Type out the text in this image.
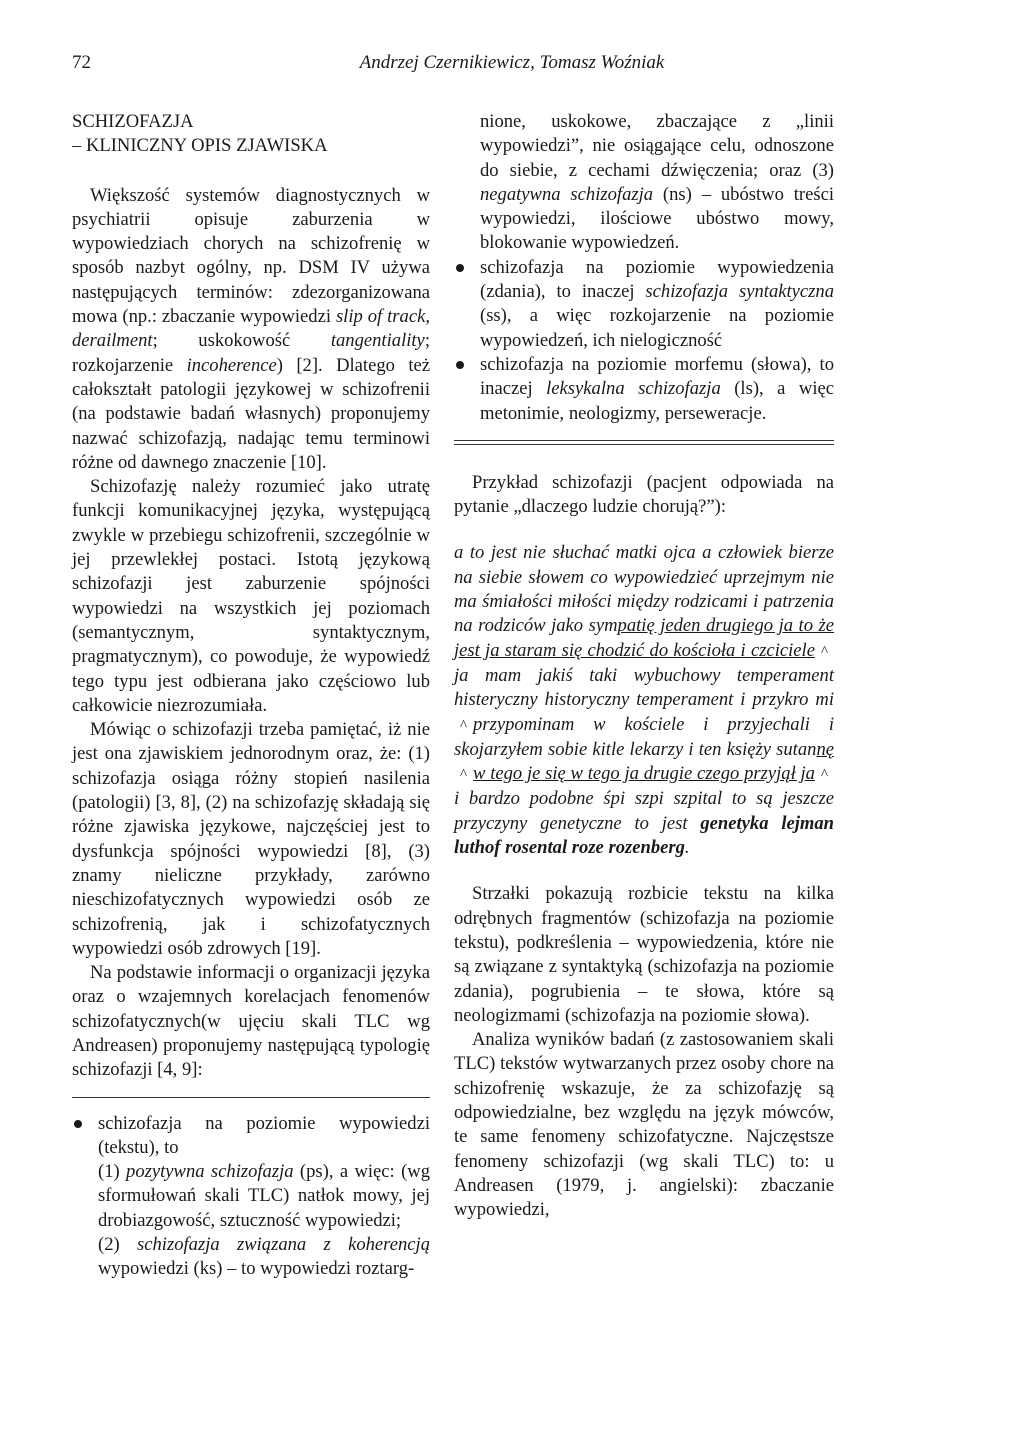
72	Andrzej Czernikiewicz, Tomasz Woźniak
SCHIZOFAZJA
– KLINICZNY OPIS ZJAWISKA

Większość systemów diagnostycznych w psychiatrii opisuje zaburzenia w wypowiedziach chorych na schizofrenię w sposób nazbyt ogólny, np. DSM IV używa następujących terminów: zdezorganizowana mowa (np.: zbaczanie wypowiedzi slip of track, derailment; uskokowość tangentiality; rozkojarzenie incoherence) [2]. Dlatego też całokształt patologii językowej w schizofrenii (na podstawie badań własnych) proponujemy nazwać schizofazją, nadając temu terminowi różne od dawnego znaczenie [10].

Schizofazję należy rozumieć jako utratę funkcji komunikacyjnej języka, występującą zwykle w przebiegu schizofrenii, szczególnie w jej przewlekłej postaci. Istotą językową schizofazji jest zaburzenie spójności wypowiedzi na wszystkich jej poziomach (semantycznym, syntaktycznym, pragmatycznym), co powoduje, że wypowiedź tego typu jest odbierana jako częściowo lub całkowicie niezrozumiała.

Mówiąc o schizofazji trzeba pamiętać, iż nie jest ona zjawiskiem jednorodnym oraz, że: (1) schizofazja osiąga różny stopień nasilenia (patologii) [3, 8], (2) na schizofazję składają się różne zjawiska językowe, najczęściej jest to dysfunkcja spójności wypowiedzi [8], (3) znamy nieliczne przykłady, zarówno nieschizofatycznych wypowiedzi osób ze schizofrenią, jak i schizofatycznych wypowiedzi osób zdrowych [19].

Na podstawie informacji o organizacji języka oraz o wzajemnych korelacjach fenomenów schizofatycznych(w ujęciu skali TLC wg Andreasen) proponujemy następującą typologię schizofazji [4, 9]:

schizofazja na poziomie wypowiedzi (tekstu), to

(1) pozytywna schizofazja (ps), a więc: (wg sformułowań skali TLC) natłok mowy, jej drobiazgowość, sztuczność wypowiedzi;

(2) schizofazja związana z koherencją wypowiedzi (ks) – to wypowiedzi roztarg-

nione, uskokowe, zbaczające z „linii wypowiedzi”, nie osiągające celu, odnoszone do siebie, z cechami dźwięczenia; oraz (3) negatywna schizofazja (ns) – ubóstwo treści wypowiedzi, ilościowe ubóstwo mowy, blokowanie wypowiedzeń.

schizofazja na poziomie wypowiedzenia (zdania), to inaczej schizofazja syntaktyczna (ss), a więc rozkojarzenie na poziomie wypowiedzeń, ich nielogiczność
schizofazja na poziomie morfemu (słowa), to inaczej leksykalna schizofazja (ls), a więc metonimie, neologizmy, perseweracje.

Przykład schizofazji (pacjent odpowiada na pytanie „dlaczego ludzie chorują?”):

a to jest nie słuchać matki ojca a człowiek bierze na siebie słowem co wypowiedzieć uprzejmym nie ma śmiałości miłości między rodzicami i patrzenia na rodziców jako sympatię jeden drugiego ja to że jest ja staram się chodzić do kościoła i czciciele ^ja mam jakiś taki wybuchowy temperament histeryczny historyczny temperament i przykro mi^ przypominam w kościele i przyjechali i skojarzyłem sobie kitle lekarzy i ten księży sutannę^ w tego je się w tego ja drugie czego przyjął ja ^i bardzo podobne śpi szpi szpital to są jeszcze przyczyny genetyczne to jest genetyka lejman luthof rosental roze rozenberg.

Strzałki pokazują rozbicie tekstu na kilka odrębnych fragmentów (schizofazja na poziomie tekstu), podkreślenia – wypowiedzenia, które nie są związane z syntaktyką (schizofazja na poziomie zdania), pogrubienia – te słowa, które są neologizmami (schizofazja na poziomie słowa).

Analiza wyników badań (z zastosowaniem skali TLC) tekstów wytwarzanych przez osoby chore na schizofrenię wskazuje, że za schizofazję są odpowiedzialne, bez względu na język mówców, te same fenomeny schizofatyczne. Najczęstsze fenomeny schizofazji (wg skali TLC) to: u Andreasen (1979, j. angielski): zbaczanie wypowiedzi,
